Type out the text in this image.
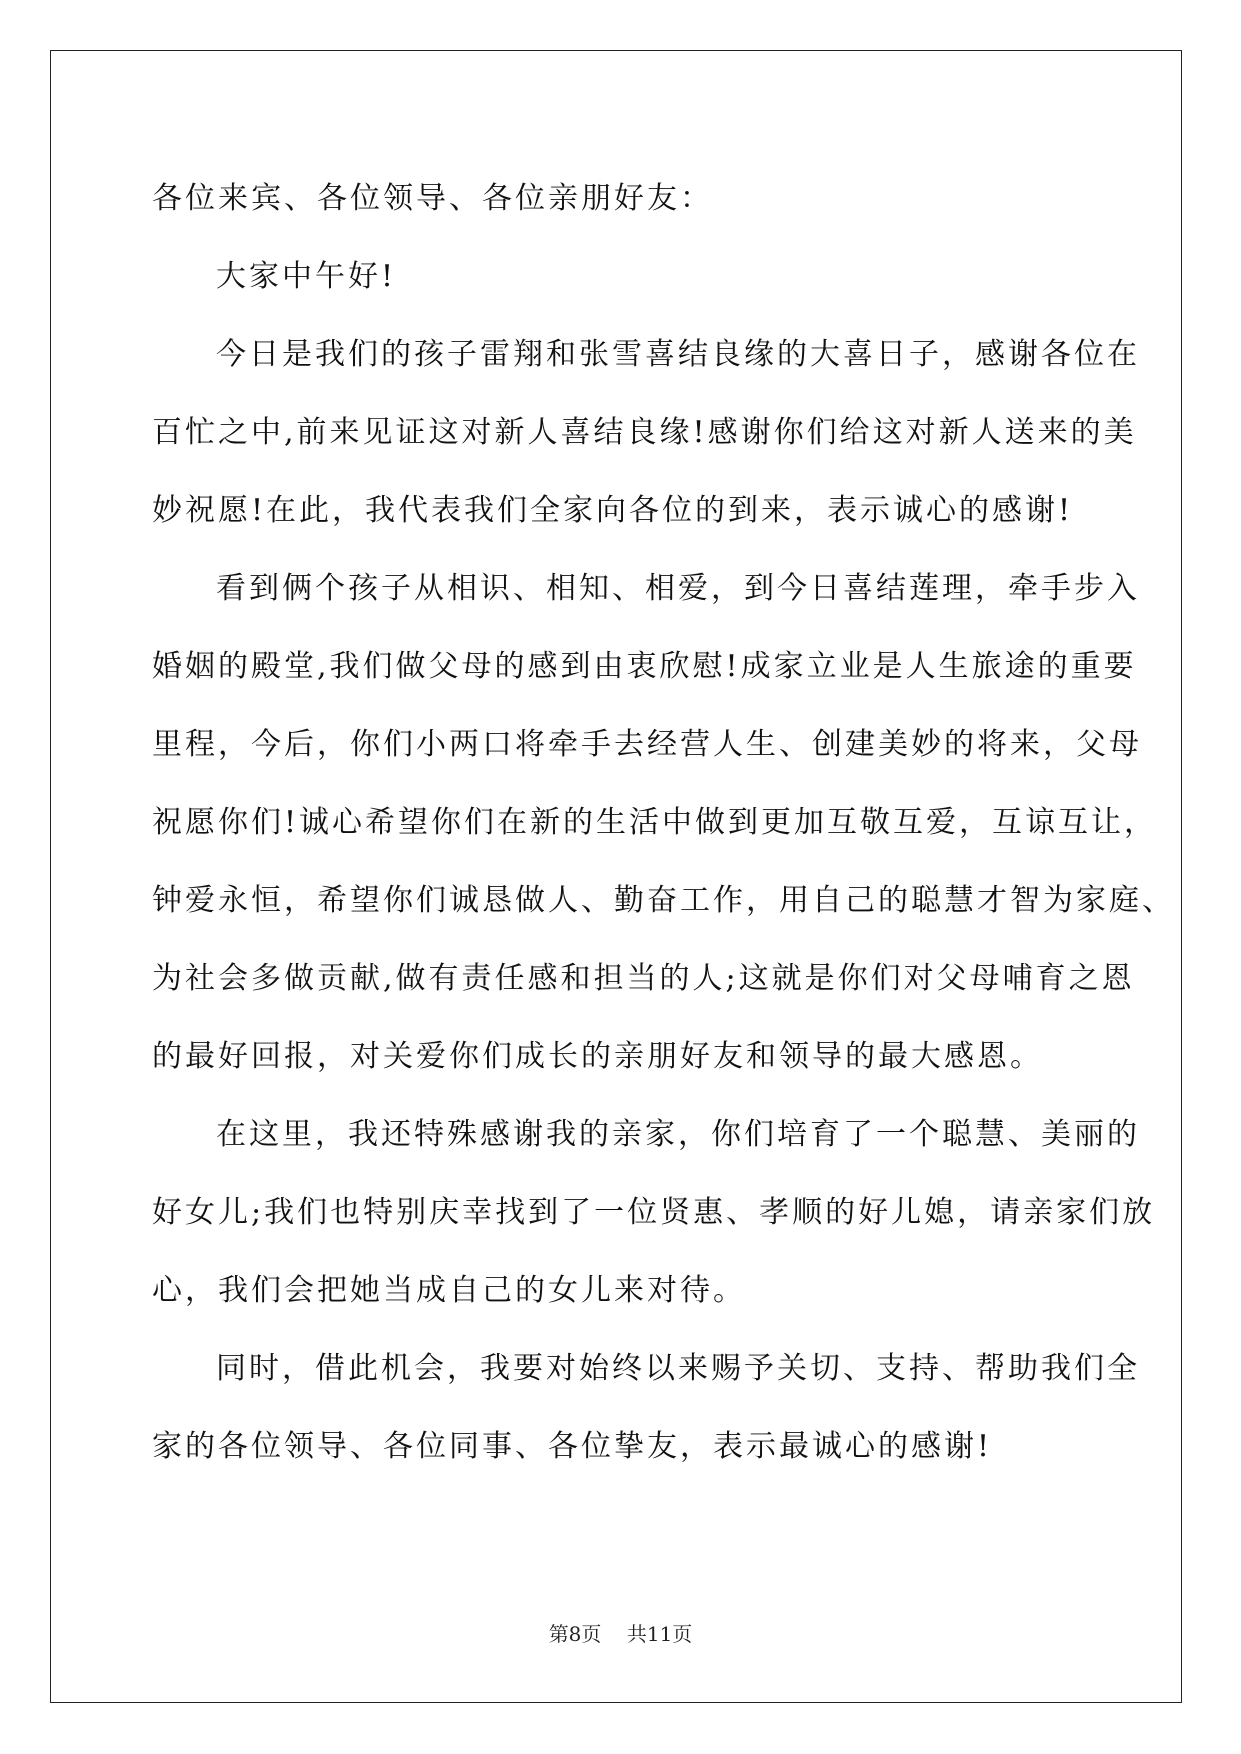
各位来宾、各位领导、各位亲朋好友：
大家中午好!
今日是我们的孩子雷翔和张雪喜结良缘的大喜日子，感谢各位在
百忙之中,前来见证这对新人喜结良缘!感谢你们给这对新人送来的美
妙祝愿!在此，我代表我们全家向各位的到来，表示诚心的感谢!
看到俩个孩子从相识、相知、相爱，到今日喜结莲理，牵手步入
婚姻的殿堂,我们做父母的感到由衷欣慰!成家立业是人生旅途的重要
里程，今后，你们小两口将牵手去经营人生、创建美妙的将来，父母
祝愿你们!诚心希望你们在新的生活中做到更加互敬互爱，互谅互让，
钟爱永恒，希望你们诚恳做人、勤奋工作，用自己的聪慧才智为家庭、
为社会多做贡献,做有责任感和担当的人;这就是你们对父母哺育之恩
的最好回报，对关爱你们成长的亲朋好友和领导的最大感恩。
在这里，我还特殊感谢我的亲家，你们培育了一个聪慧、美丽的
好女儿;我们也特别庆幸找到了一位贤惠、孝顺的好儿媳，请亲家们放
心，我们会把她当成自己的女儿来对待。
同时，借此机会，我要对始终以来赐予关切、支持、帮助我们全
家的各位领导、各位同事、各位挚友，表示最诚心的感谢!
第8页 共11页
